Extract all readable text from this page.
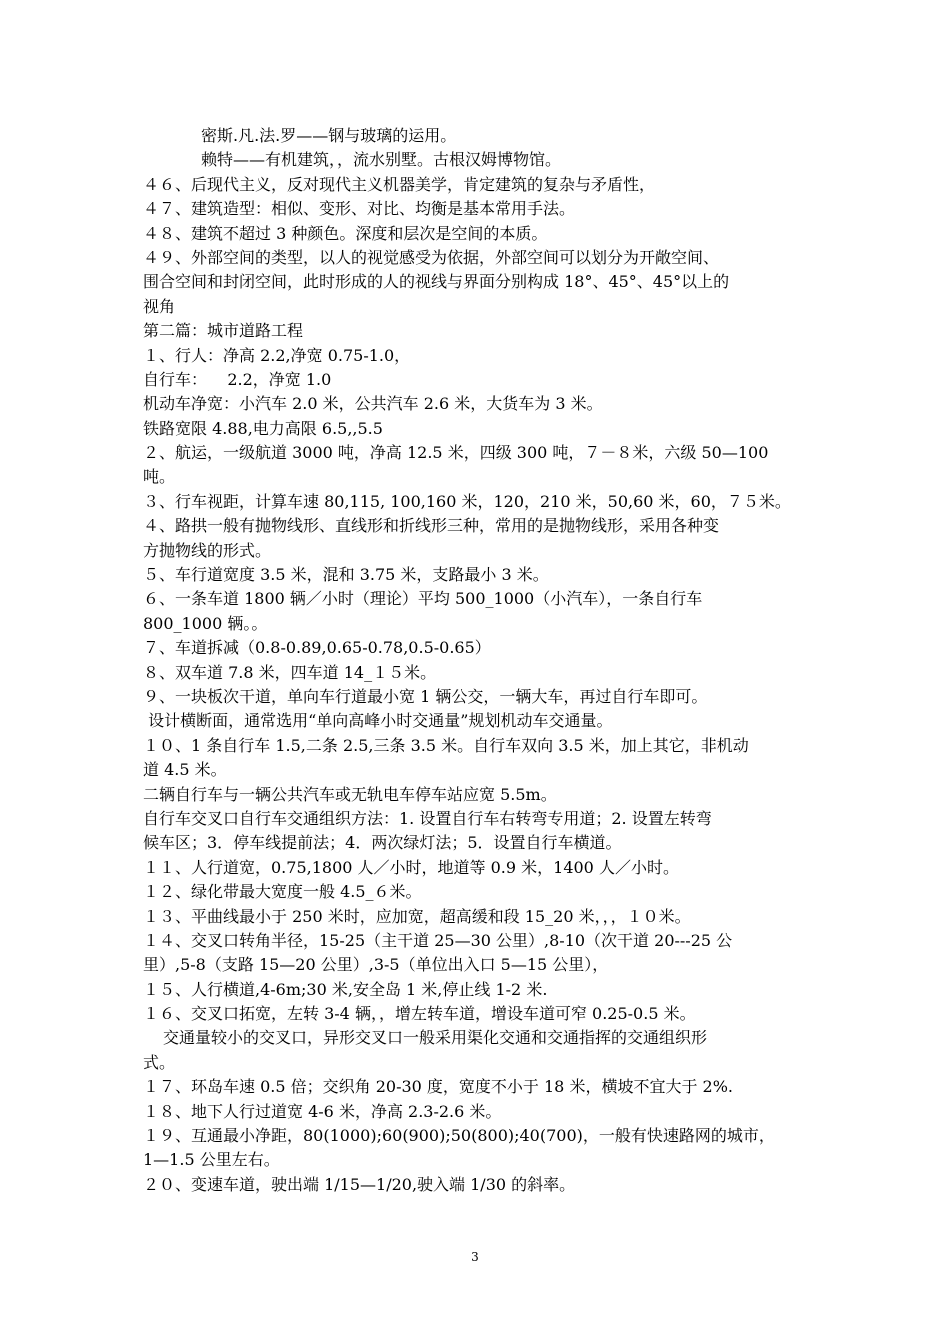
密斯.凡.法.罗——钢与玻璃的运用。
赖特——有机建筑，，流水别墅。古根汉姆博物馆。
４６、后现代主义，反对现代主义机器美学，肯定建筑的复杂与矛盾性，
４７、建筑造型：相似、变形、对比、均衡是基本常用手法。
４８、建筑不超过 3 种颜色。深度和层次是空间的本质。
４９、外部空间的类型，以人的视觉感受为依据，外部空间可以划分为开敞空间、
围合空间和封闭空间，此时形成的人的视线与界面分别构成 18°、45°、45°以上的
视角
第二篇：城市道路工程
１、行人：净高 2.2,净宽 0.75-1.0，
自行车：    2.2，净宽 1.0
机动车净宽：小汽车 2.0 米，公共汽车 2.6 米，大货车为 3 米。
铁路宽限 4.88,电力高限 6.5,,5.5
２、航运，一级航道 3000 吨，净高 12.5 米，四级 300 吨，７－８米，六级 50—100
吨。
３、行车视距，计算车速 80,115, 100,160 米，120，210 米，50,60 米，60，７５米。
４、路拱一般有抛物线形、直线形和折线形三种，常用的是抛物线形，采用各种变
方抛物线的形式。
５、车行道宽度 3.5 米，混和 3.75 米，支路最小 3 米。
６、一条车道 1800 辆／小时（理论）平均 500_1000（小汽车），一条自行车
800_1000 辆。。
７、车道拆减（0.8-0.89,0.65-0.78,0.5-0.65）
８、双车道 7.8 米，四车道 14_１５米。
９、一块板次干道，单向车行道最小宽 1 辆公交，一辆大车，再过自行车即可。
设计横断面，通常选用“单向高峰小时交通量”规划机动车交通量。
１０、1 条自行车 1.5,二条 2.5,三条 3.5 米。自行车双向 3.5 米，加上其它，非机动
道 4.5 米。
二辆自行车与一辆公共汽车或无轨电车停车站应宽 5.5m。
自行车交叉口自行车交通组织方法：1. 设置自行车右转弯专用道；2. 设置左转弯
候车区；3．停车线提前法；4．两次绿灯法；5．设置自行车横道。
１１、人行道宽，0.75,1800 人／小时，地道等 0.9 米，1400 人／小时。
１２、绿化带最大宽度一般 4.5_６米。
１３、平曲线最小于 250 米时，应加宽，超高缓和段 15_20 米，，，１０米。
１４、交叉口转角半径，15-25（主干道 25—30 公里）,8-10（次干道 20---25 公
里）,5-8（支路 15—20 公里）,3-5（单位出入口 5—15 公里），
１５、人行横道,4-6m;30 米,安全岛 1 米,停止线 1-2 米.
１６、交叉口拓宽，左转 3-4 辆，，增左转车道，增设车道可窄 0.25-0.5 米。
交通量较小的交叉口，异形交叉口一般采用渠化交通和交通指挥的交通组织形
式。
１７、环岛车速 0.5 倍；交织角 20-30 度，宽度不小于 18 米，横坡不宜大于 2%.
１８、地下人行过道宽 4-6 米，净高 2.3-2.6 米。
１９、互通最小净距，80(1000);60(900);50(800);40(700)，一般有快速路网的城市，
1—1.5 公里左右。
２０、变速车道，驶出端 1/15—1/20,驶入端 1/30 的斜率。
3
